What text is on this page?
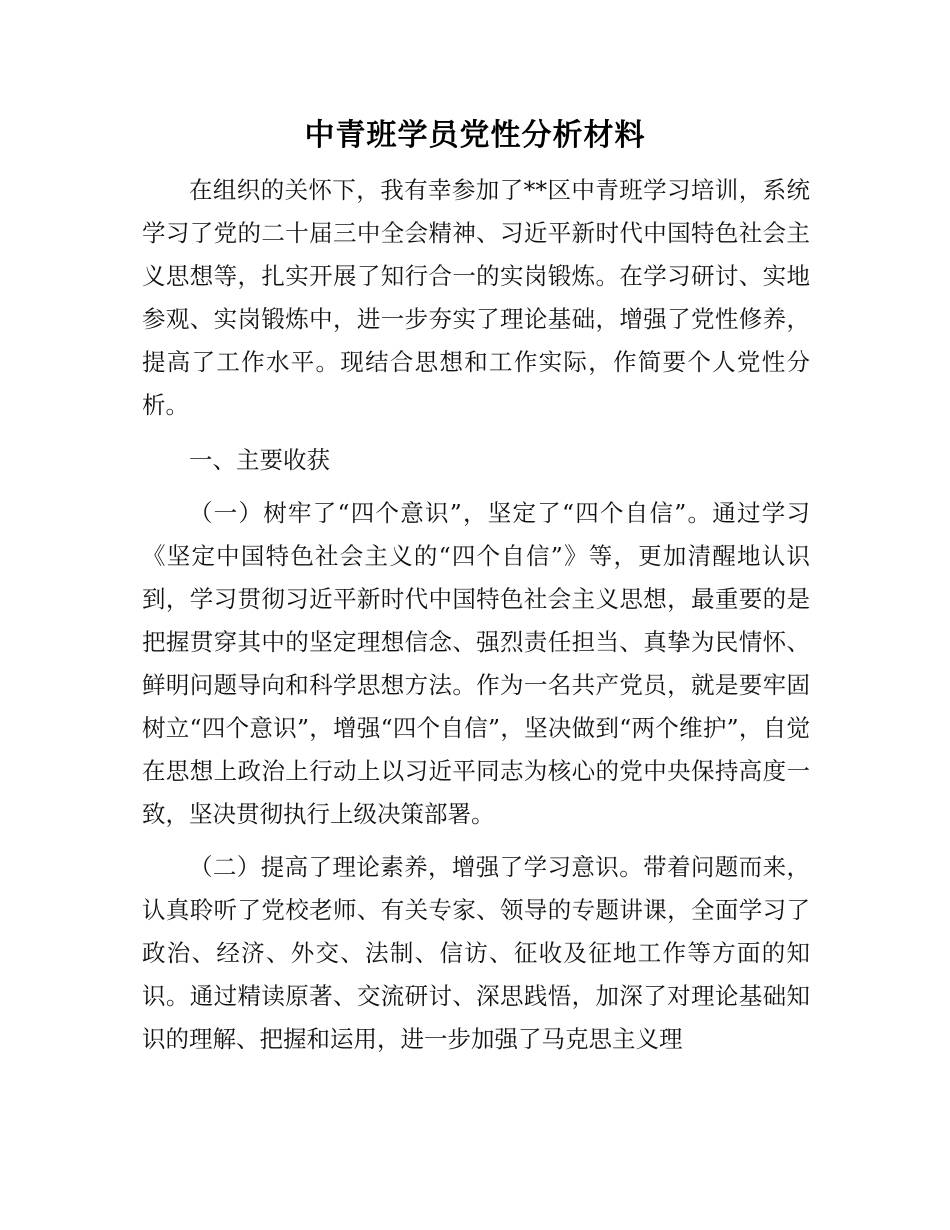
中青班学员党性分析材料

在组织的关怀下，我有幸参加了**区中青班学习培训，系统学习了党的二十届三中全会精神、习近平新时代中国特色社会主义思想等，扎实开展了知行合一的实岗锻炼。在学习研讨、实地参观、实岗锻炼中，进一步夯实了理论基础，增强了党性修养，提高了工作水平。现结合思想和工作实际，作简要个人党性分析。

一、主要收获

（一）树牢了“四个意识”，坚定了“四个自信”。通过学习《坚定中国特色社会主义的“四个自信”》等，更加清醒地认识到，学习贯彻习近平新时代中国特色社会主义思想，最重要的是把握贯穿其中的坚定理想信念、强烈责任担当、真挚为民情怀、鲜明问题导向和科学思想方法。作为一名共产党员，就是要牢固树立“四个意识”，增强“四个自信”，坚决做到“两个维护”，自觉在思想上政治上行动上以习近平同志为核心的党中央保持高度一致，坚决贯彻执行上级决策部署。

（二）提高了理论素养，增强了学习意识。带着问题而来，认真聆听了党校老师、有关专家、领导的专题讲课，全面学习了政治、经济、外交、法制、信访、征收及征地工作等方面的知识。通过精读原著、交流研讨、深思践悟，加深了对理论基础知识的理解、把握和运用，进一步加强了马克思主义理
